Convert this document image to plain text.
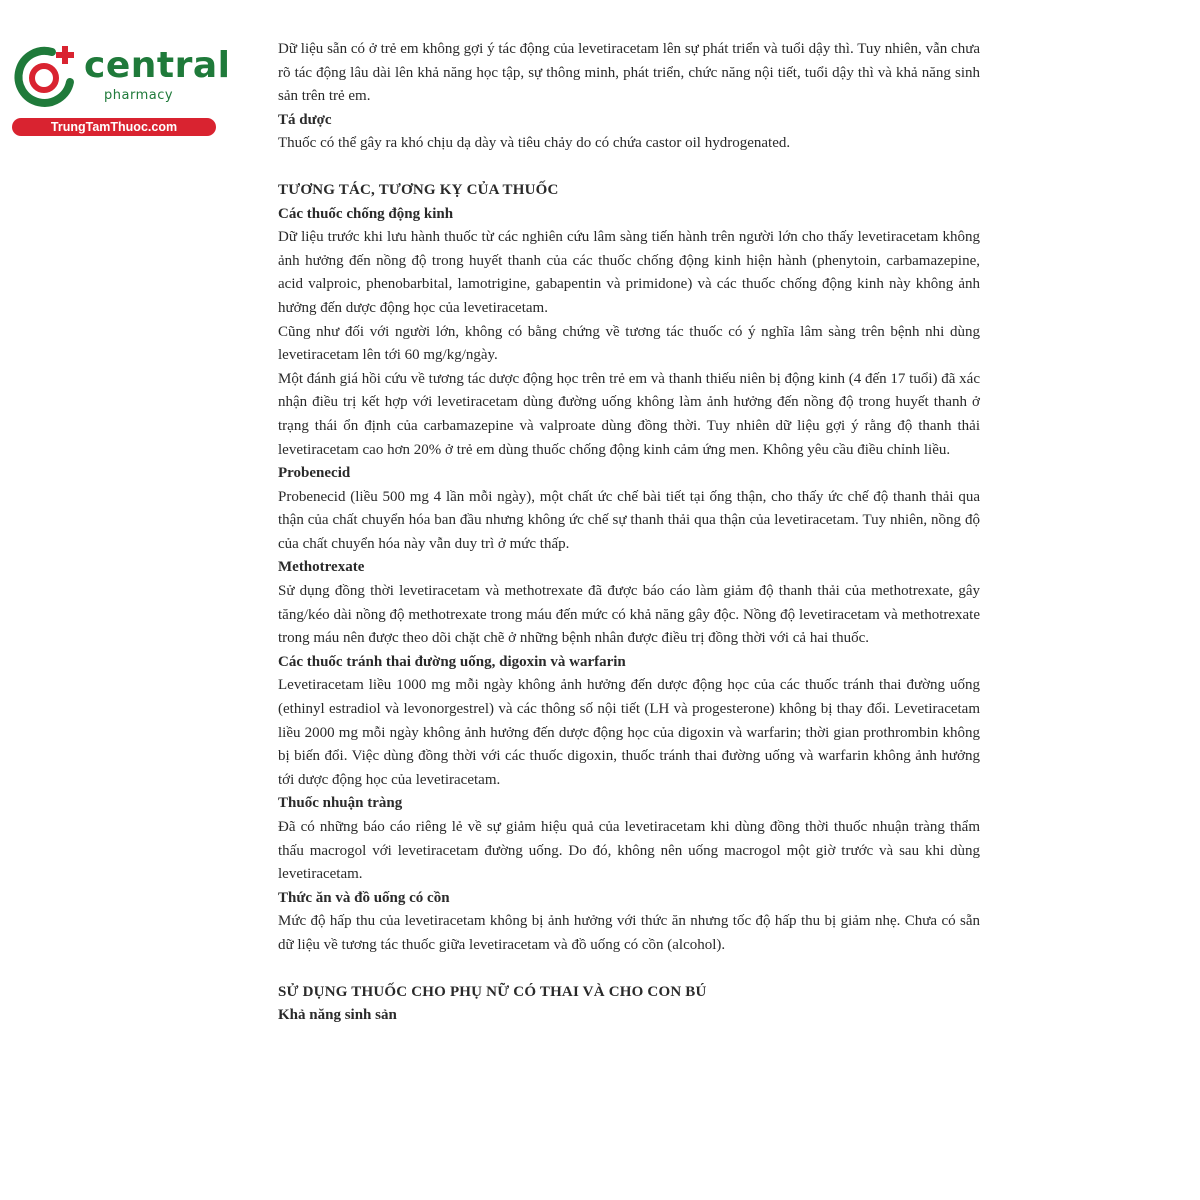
central
pharmacy
TrungTamThuoc.com

Dữ liệu sẵn có ở trẻ em không gợi ý tác động của levetiracetam lên sự phát triển và tuổi dậy thì. Tuy nhiên, vẫn chưa rõ tác động lâu dài lên khả năng học tập, sự thông minh, phát triển, chức năng nội tiết, tuổi dậy thì và khả năng sinh sản trên trẻ em.

Tá dược

Thuốc có thể gây ra khó chịu dạ dày và tiêu chảy do có chứa castor oil hydrogenated.

TƯƠNG TÁC, TƯƠNG KỴ CỦA THUỐC

Các thuốc chống động kinh

Dữ liệu trước khi lưu hành thuốc từ các nghiên cứu lâm sàng tiến hành trên người lớn cho thấy levetiracetam không ảnh hưởng đến nồng độ trong huyết thanh của các thuốc chống động kinh hiện hành (phenytoin, carbamazepine, acid valproic, phenobarbital, lamotrigine, gabapentin và primidone) và các thuốc chống động kinh này không ảnh hưởng đến dược động học của levetiracetam.

Cũng như đối với người lớn, không có bằng chứng về tương tác thuốc có ý nghĩa lâm sàng trên bệnh nhi dùng levetiracetam lên tới 60 mg/kg/ngày.

Một đánh giá hồi cứu về tương tác dược động học trên trẻ em và thanh thiếu niên bị động kinh (4 đến 17 tuổi) đã xác nhận điều trị kết hợp với levetiracetam dùng đường uống không làm ảnh hưởng đến nồng độ trong huyết thanh ở trạng thái ổn định của carbamazepine và valproate dùng đồng thời. Tuy nhiên dữ liệu gợi ý rằng độ thanh thải levetiracetam cao hơn 20% ở trẻ em dùng thuốc chống động kinh cảm ứng men. Không yêu cầu điều chỉnh liều.

Probenecid

Probenecid (liều 500 mg 4 lần mỗi ngày), một chất ức chế bài tiết tại ống thận, cho thấy ức chế độ thanh thải qua thận của chất chuyển hóa ban đầu nhưng không ức chế sự thanh thải qua thận của levetiracetam. Tuy nhiên, nồng độ của chất chuyển hóa này vẫn duy trì ở mức thấp.

Methotrexate

Sử dụng đồng thời levetiracetam và methotrexate đã được báo cáo làm giảm độ thanh thải của methotrexate, gây tăng/kéo dài nồng độ methotrexate trong máu đến mức có khả năng gây độc. Nồng độ levetiracetam và methotrexate trong máu nên được theo dõi chặt chẽ ở những bệnh nhân được điều trị đồng thời với cả hai thuốc.

Các thuốc tránh thai đường uống, digoxin và warfarin

Levetiracetam liều 1000 mg mỗi ngày không ảnh hưởng đến dược động học của các thuốc tránh thai đường uống (ethinyl estradiol và levonorgestrel) và các thông số nội tiết (LH và progesterone) không bị thay đổi. Levetiracetam liều 2000 mg mỗi ngày không ảnh hưởng đến dược động học của digoxin và warfarin; thời gian prothrombin không bị biến đổi. Việc dùng đồng thời với các thuốc digoxin, thuốc tránh thai đường uống và warfarin không ảnh hưởng tới dược động học của levetiracetam.

Thuốc nhuận tràng

Đã có những báo cáo riêng lẻ về sự giảm hiệu quả của levetiracetam khi dùng đồng thời thuốc nhuận tràng thẩm thấu macrogol với levetiracetam đường uống. Do đó, không nên uống macrogol một giờ trước và sau khi dùng levetiracetam.

Thức ăn và đồ uống có cồn

Mức độ hấp thu của levetiracetam không bị ảnh hưởng với thức ăn nhưng tốc độ hấp thu bị giảm nhẹ. Chưa có sẵn dữ liệu về tương tác thuốc giữa levetiracetam và đồ uống có cồn (alcohol).

SỬ DỤNG THUỐC CHO PHỤ NỮ CÓ THAI VÀ CHO CON BÚ

Khả năng sinh sản
